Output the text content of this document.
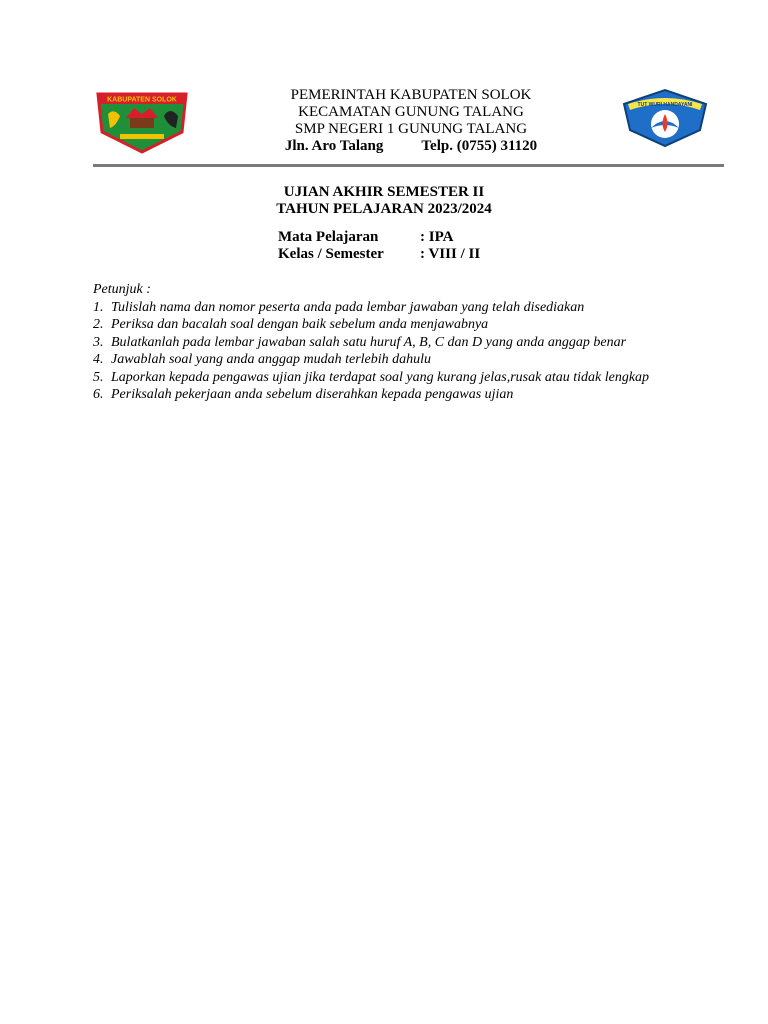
KABUPATEN SOLOK	PEMERINTAH KABUPATEN SOLOK
KECAMATAN GUNUNG TALANG
SMP NEGERI 1 GUNUNG TALANG
Jln. Aro Talang	Telp. (0755) 31120
TUT WURI HANDAYANI
UJIAN AKHIR SEMESTER II
TAHUN PELAJARAN 2023/2024
Mata Pelajaran	: IPA
Kelas / Semester	: VIII / II
Petunjuk :
1. Tulislah nama dan nomor peserta anda pada lembar jawaban yang telah disediakan
2. Periksa dan bacalah soal dengan baik sebelum anda menjawabnya
3. Bulatkanlah pada lembar jawaban salah satu huruf A, B, C dan D yang anda anggap benar
4. Jawablah soal yang anda anggap mudah terlebih dahulu
5. Laporkan kepada pengawas ujian jika terdapat soal yang kurang jelas,rusak atau tidak lengkap
6. Periksalah pekerjaan anda sebelum diserahkan kepada pengawas ujian
